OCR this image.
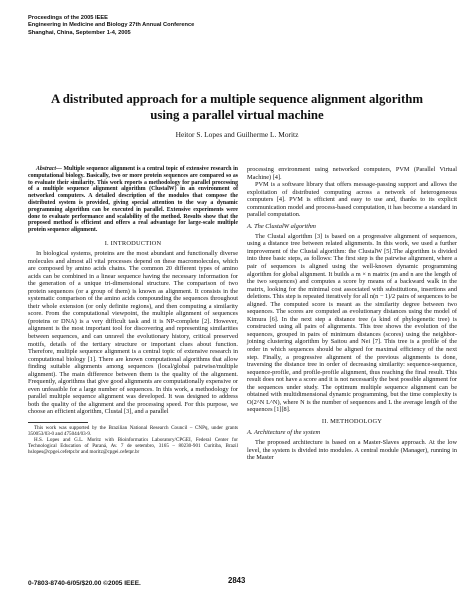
Proceedings of the 2005 IEEE
Engineering in Medicine and Biology 27th Annual Conference
Shanghai, China, September 1-4, 2005
A distributed approach for a multiple sequence alignment algorithm
using a parallel virtual machine
Heitor S. Lopes and Guilherme L. Moritz

Abstract— Multiple sequence alignment is a central topic of extensive research in computational biology. Basically, two or more protein sequences are compared so as to evaluate their similarity. This work reports a methodology for parallel processing of a multiple sequence alignment algorithm (ClustalW) in an environment of networked computers. A detailed description of the modules that compose the distributed system is provided, giving special attention to the way a dynamic programming algorithm can be executed in parallel. Extensive experiments were done to evaluate performance and scalability of the method. Results show that the proposed method is efficient and offers a real advantage for large-scale multiple protein sequence alignment.

I. INTRODUCTION

In biological systems, proteins are the most abundant and functionally diverse molecules and almost all vital processes depend on these macromolecules, which are composed by amino acids chains. The common 20 different types of amino acids can be combined in a linear sequence having the necessary information for the generation of a unique tri-dimensional structure. The comparison of two protein sequences (or a group of them) is known as alignment. It consists in the systematic comparison of the amino acids compounding the sequences throughout their whole extension (or only definite regions), and then computing a similarity score. From the computational viewpoint, the multiple alignment of sequences (proteins or DNA) is a very difficult task and it is NP-complete [2]. However, alignment is the most important tool for discovering and representing similarities between sequences, and can unravel the evolutionary history, critical preserved motifs, details of the tertiary structure or important clues about function. Therefore, multiple sequence alignment is a central topic of extensive research in computational biology [1]. There are known computational algorithms that allow finding suitable alignments among sequences (local/global pairwise/multiple alignment). The main difference between them is the quality of the alignment. Frequently, algorithms that give good alignments are computationally expensive or even unfeasible for a large number of sequences. In this work, a methodology for parallel multiple sequence alignment was developed. It was designed to address both the quality of the alignment and the processing speed. For this purpose, we choose an efficient algorithm, Clustal [3], and a parallel

This work was supported by the Brazilian National Research Council – CNPq, under grants 350053/03-0 and 475044/03-9.

H.S. Lopes and G.L. Moritz with Bioinformatics Laboratory/CPGEI, Federal Center for Technological Education of Paraná, Av. 7 de setembro, 3165 – 80230-901 Curitiba, Brazil hslopes@cpgei.cefetpr.br and moritz@cpgei.cefetpr.br

processing environment using networked computers, PVM (Parallel Virtual Machine) [4].

PVM is a software library that offers message-passing support and allows the exploitation of distributed computing across a network of heterogeneous computers [4]. PVM is efficient and easy to use and, thanks to its explicit communication model and process-based computation, it has become a standard in parallel computation.

A. The ClustalW algorithm

The Clustal algorithm [3] is based on a progressive alignment of sequences, using a distance tree between related alignments. In this work, we used a further improvement of the Clustal algorithm: the ClustalW [5].The algorithm is divided into three basic steps, as follows: The first step is the pairwise alignment, where a pair of sequences is aligned using the well-known dynamic programming algorithm for global alignment. It builds a m × n matrix (m and n are the length of the two sequences) and computes a score by means of a backward walk in the matrix, looking for the minimal cost associated with substitutions, insertions and deletions. This step is repeated iteratively for all n(n − 1)/2 pairs of sequences to be aligned. The computed score is meant as the similarity degree between two sequences. The scores are computed as evolutionary distances using the model of Kimura [6]. In the next step a distance tree (a kind of phylogenetic tree) is constructed using all pairs of alignments. This tree shows the evolution of the sequences, grouped in pairs of minimum distances (scores) using the neighbor-joining clustering algorithm by Saitou and Nei [7]. This tree is a profile of the order in which sequences should be aligned for maximal efficiency of the next step. Finally, a progressive alignment of the previous alignments is done, traversing the distance tree in order of decreasing similarity: sequence-sequence, sequence-profile, and profile-profile alignment, thus reaching the final result. This result does not have a score and it is not necessarily the best possible alignment for the sequences under study. The optimum multiple sequence alignment can be obtained with multidimensional dynamic programming, but the time complexity is O(2^N L^N), where N is the number of sequences and L the average length of the sequences [1][8].

II. METHODOLOGY
A. Architecture of the system

The proposed architecture is based on a Master-Slaves approach. At the low level, the system is divided into modules. A central module (Manager), running in the Master

0-7803-8740-6/05/$20.00 ©2005 IEEE.	2843
